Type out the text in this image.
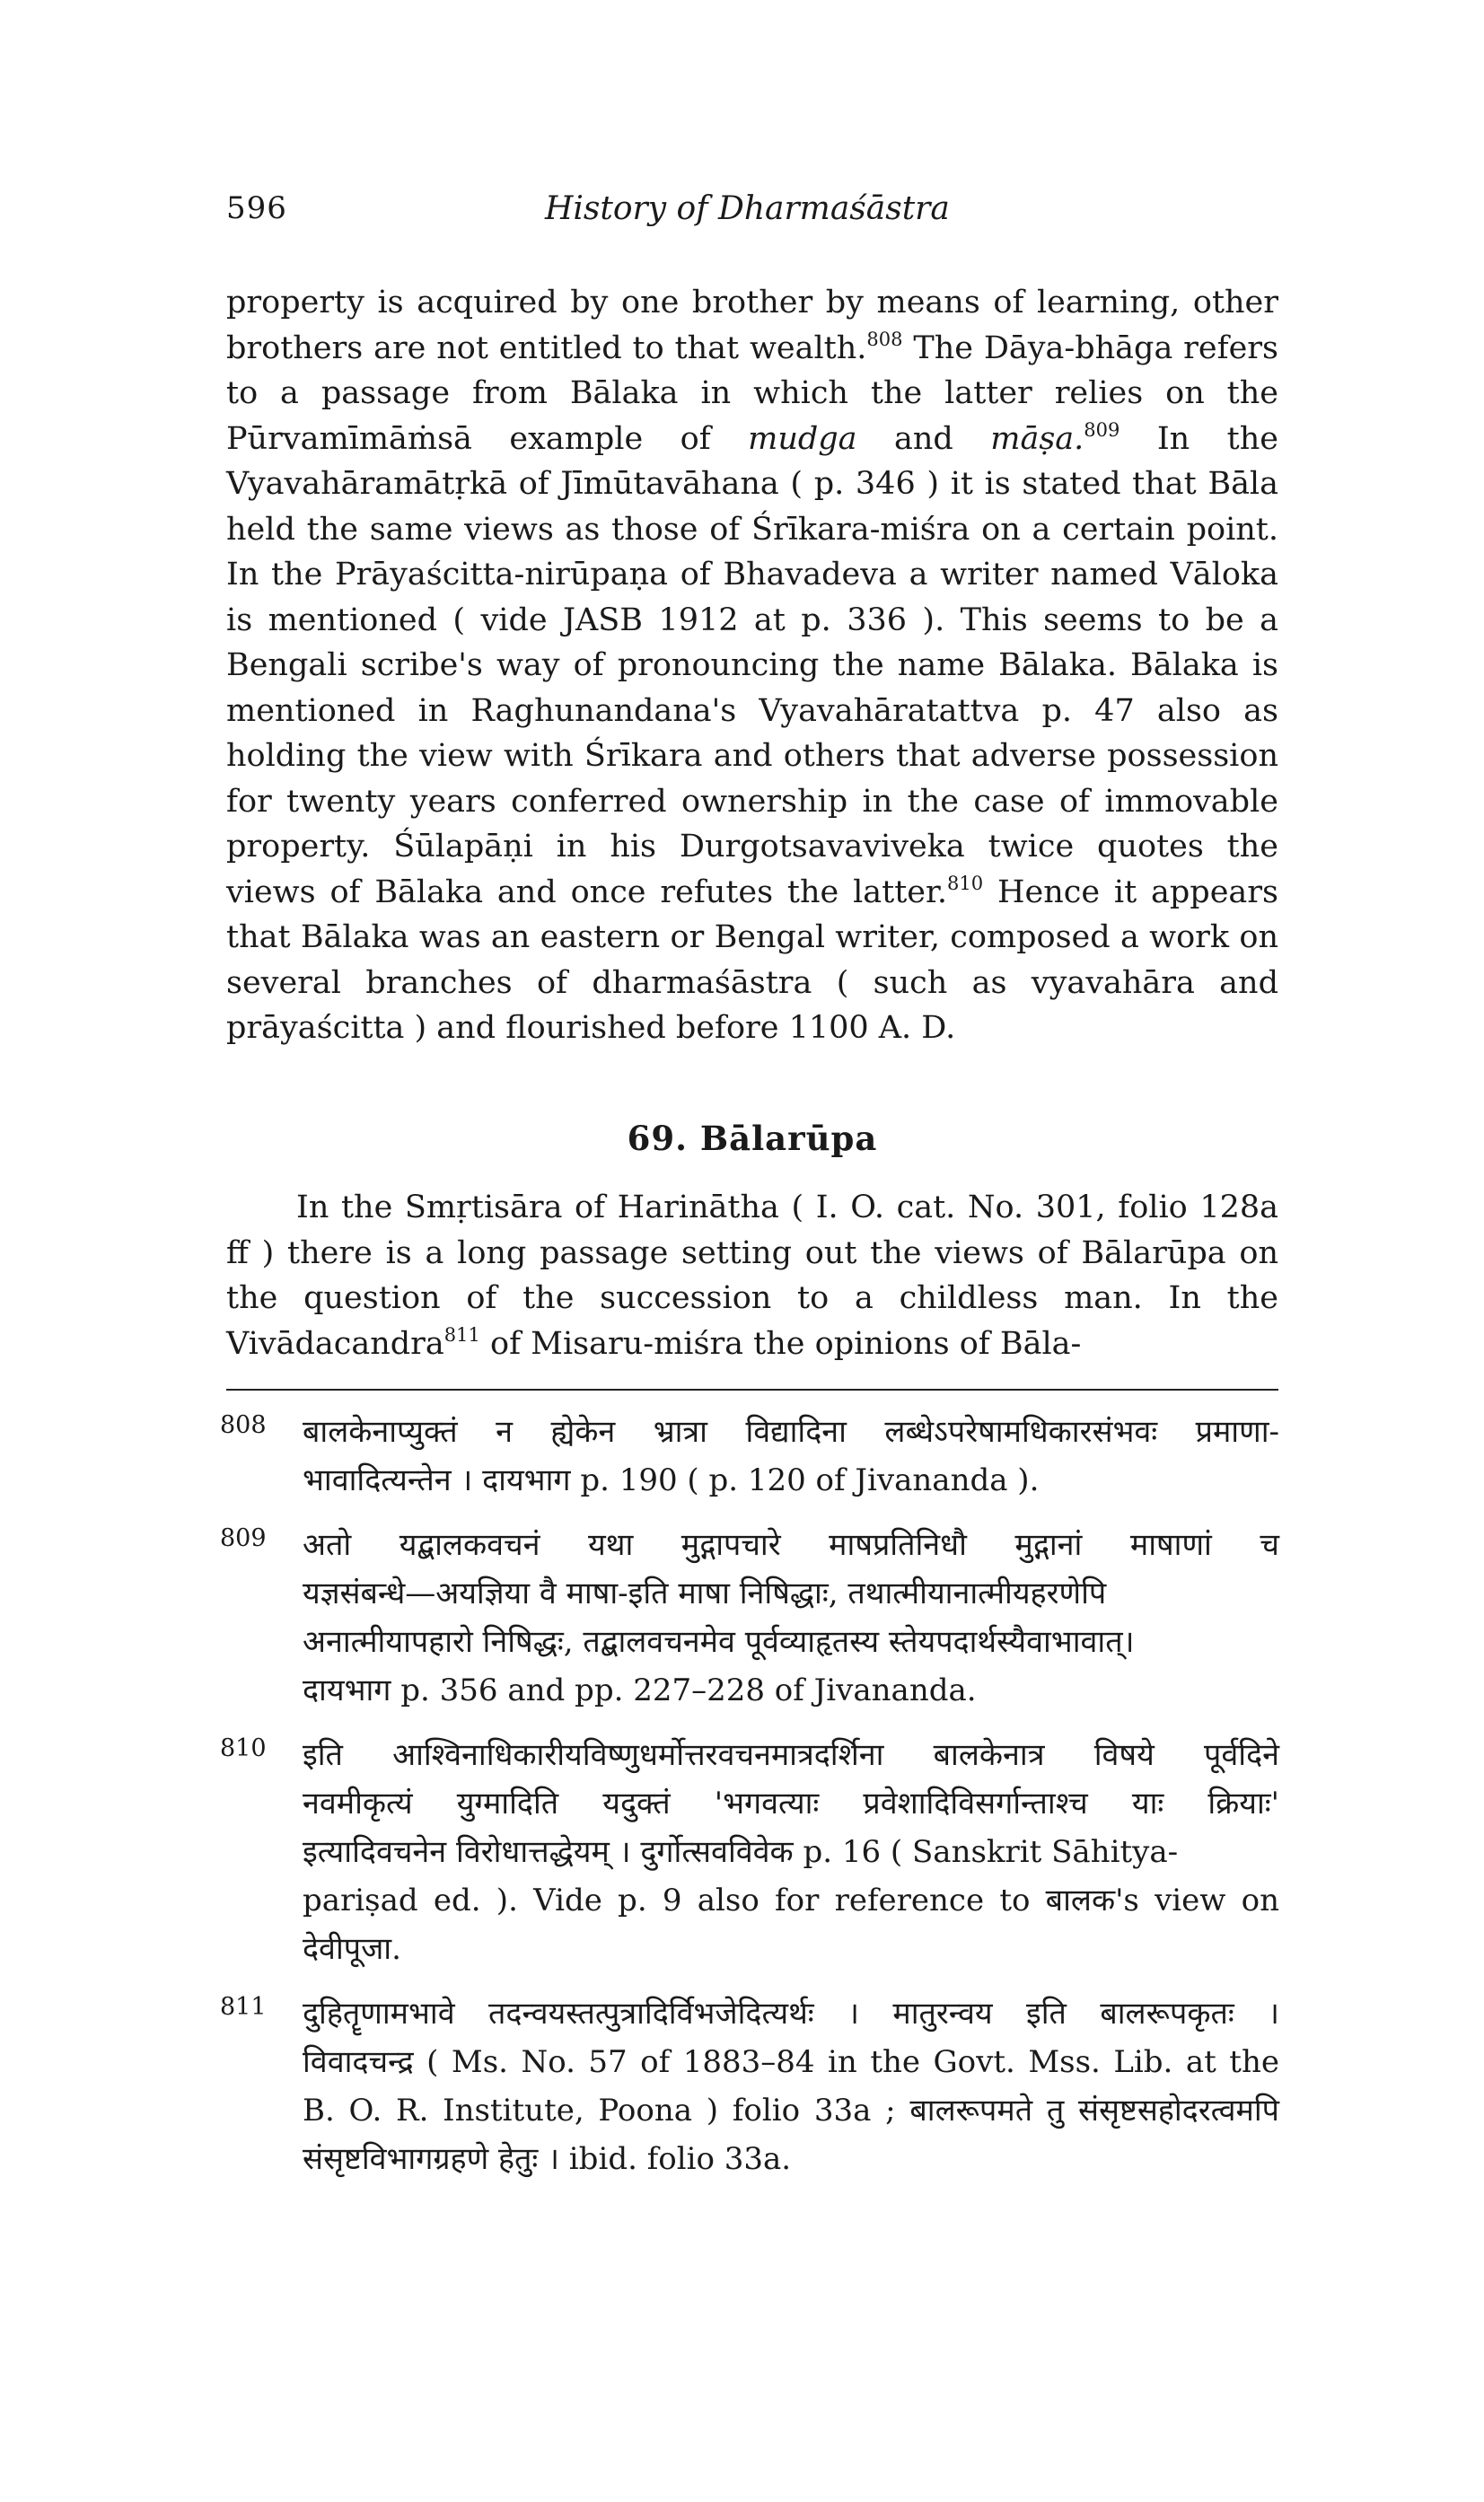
596	History of Dharmaśāstra

property is acquired by one brother by means of learning, other brothers are not entitled to that wealth.$^{808}$ The Dāya-bhāga refers to a passage from Bālaka in which the latter relies on the Pūrvamīmāṁsā example of mudga and māṣa.$^{809}$ In the Vyavahāramātṛkā of Jīmūtavāhana ( p. 346 ) it is stated that Bāla held the same views as those of Śrīkara-miśra on a certain point. In the Prāyaścitta-nirūpaṇa of Bhavadeva a writer named Vāloka is mentioned ( vide JASB 1912 at p. 336 ). This seems to be a Bengali scribe's way of pronouncing the name Bālaka. Bālaka is mentioned in Raghunandana's Vyavahāratattva p. 47 also as holding the view with Śrīkara and others that adverse possession for twenty years conferred ownership in the case of immovable property. Śūlapāṇi in his Durgotsavaviveka twice quotes the views of Bālaka and once refutes the latter.$^{810}$ Hence it appears that Bālaka was an eastern or Bengal writer, composed a work on several branches of dharmaśāstra ( such as vyavahāra and prāyaścitta ) and flourished before 1100 A. D.

69. Bālarūpa

In the Smṛtisāra of Harinātha ( I. O. cat. No. 301, folio 128a ff ) there is a long passage setting out the views of Bālarūpa on the question of the succession to a childless man. In the Vivādacandra$^{811}$ of Misaru-miśra the opinions of Bāla-

808 बालकेनाप्युक्तं न ह्येकेन भ्रात्रा विद्यादिना लब्धेऽपरेषामधिकारसंभवः प्रमाणा-
भावादित्यन्तेन । दायभाग p. 190 ( p. 120 of Jivananda ).
809 अतो यद्बालकवचनं यथा मुद्गापचारे माषप्रतिनिधौ मुद्गानां माषाणां च
यज्ञसंबन्धे—अयज्ञिया वै माषा-इति माषा निषिद्धाः, तथात्मीयानात्मीयहरणेपि
अनात्मीयापहारो निषिद्धः, तद्बालवचनमेव पूर्वव्याहृतस्य स्तेयपदार्थस्यैवाभावात्।
दायभाग p. 356 and pp. 227–228 of Jivananda.
810 इति आश्विनाधिकारीयविष्णुधर्मोत्तरवचनमात्रदर्शिना बालकेनात्र विषये पूर्वदिने
नवमीकृत्यं युग्मादिति यदुक्तं 'भगवत्याः प्रवेशादिविसर्गान्ताश्च याः क्रियाः'
इत्यादिवचनेन विरोधात्तद्धेयम् । दुर्गोत्सवविवेक p. 16 ( Sanskrit Sāhitya-
pariṣad ed. ). Vide p. 9 also for reference to बालक's view on
देवीपूजा.
811 दुहितॄणामभावे तदन्वयस्तत्पुत्रादिर्विभजेदित्यर्थः । मातुरन्वय इति बालरूपकृतः ।
विवादचन्द्र ( Ms. No. 57 of 1883–84 in the Govt. Mss. Lib. at the
B. O. R. Institute, Poona ) folio 33a ; बालरूपमते तु संसृष्टसहोदरत्वमपि
संसृष्टविभागग्रहणे हेतुः । ibid. folio 33a.
